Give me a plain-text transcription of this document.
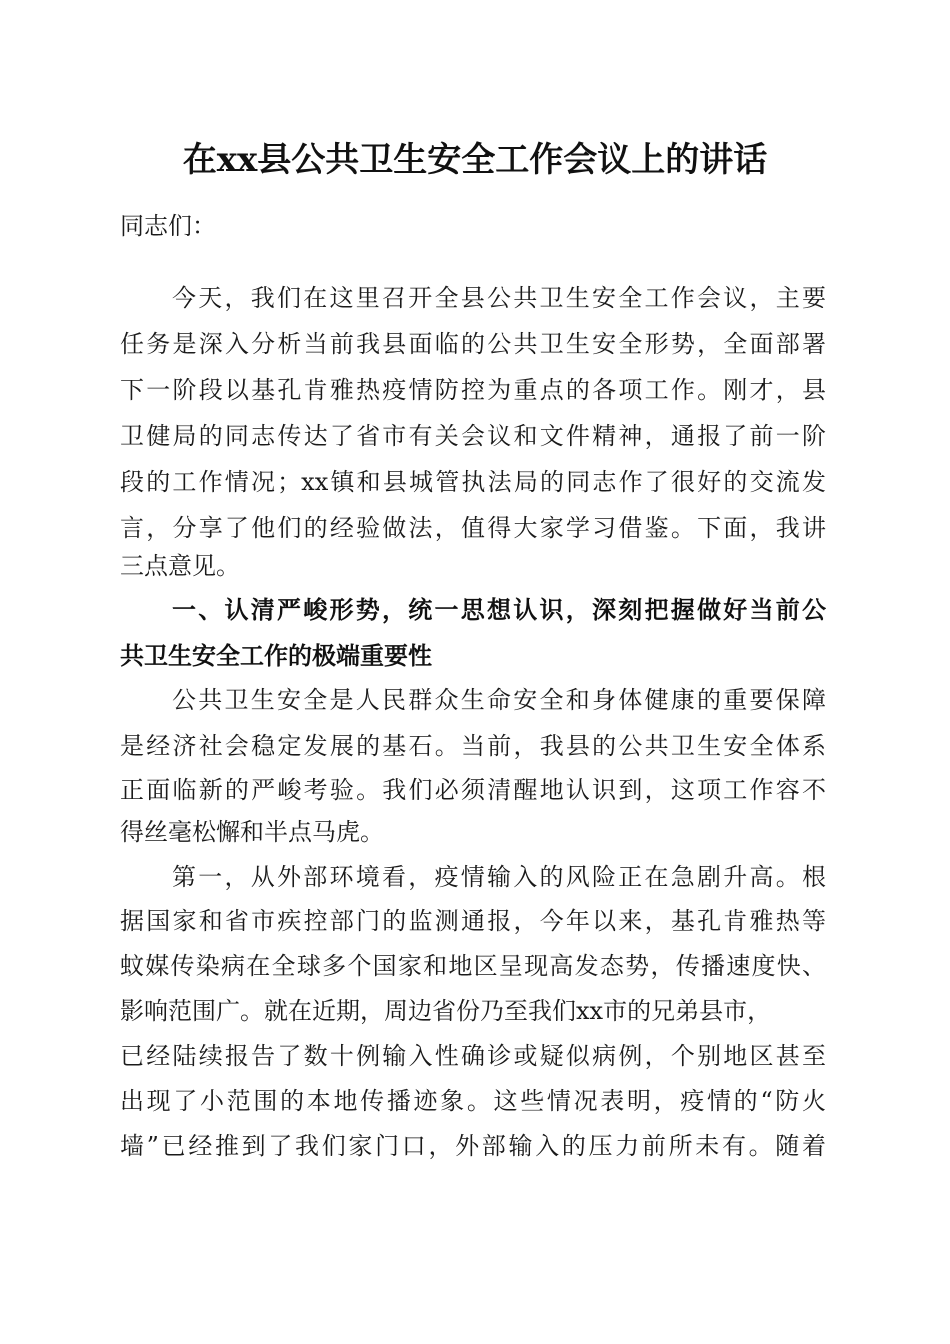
在xx县公共卫生安全工作会议上的讲话
同志们：
今天，我们在这里召开全县公共卫生安全工作会议，主要
任务是深入分析当前我县面临的公共卫生安全形势，全面部署
下一阶段以基孔肯雅热疫情防控为重点的各项工作。刚才，县
卫健局的同志传达了省市有关会议和文件精神，通报了前一阶
段的工作情况；xx镇和县城管执法局的同志作了很好的交流发
言，分享了他们的经验做法，值得大家学习借鉴。下面，我讲
三点意见。
一、认清严峻形势，统一思想认识，深刻把握做好当前公
共卫生安全工作的极端重要性
公共卫生安全是人民群众生命安全和身体健康的重要保障
是经济社会稳定发展的基石。当前，我县的公共卫生安全体系
正面临新的严峻考验。我们必须清醒地认识到，这项工作容不
得丝毫松懈和半点马虎。
第一，从外部环境看，疫情输入的风险正在急剧升高。根
据国家和省市疾控部门的监测通报，今年以来，基孔肯雅热等
蚊媒传染病在全球多个国家和地区呈现高发态势，传播速度快、
影响范围广。就在近期，周边省份乃至我们xx市的兄弟县市，
已经陆续报告了数十例输入性确诊或疑似病例，个别地区甚至
出现了小范围的本地传播迹象。这些情况表明，疫情的“防火
墙”已经推到了我们家门口，外部输入的压力前所未有。随着
